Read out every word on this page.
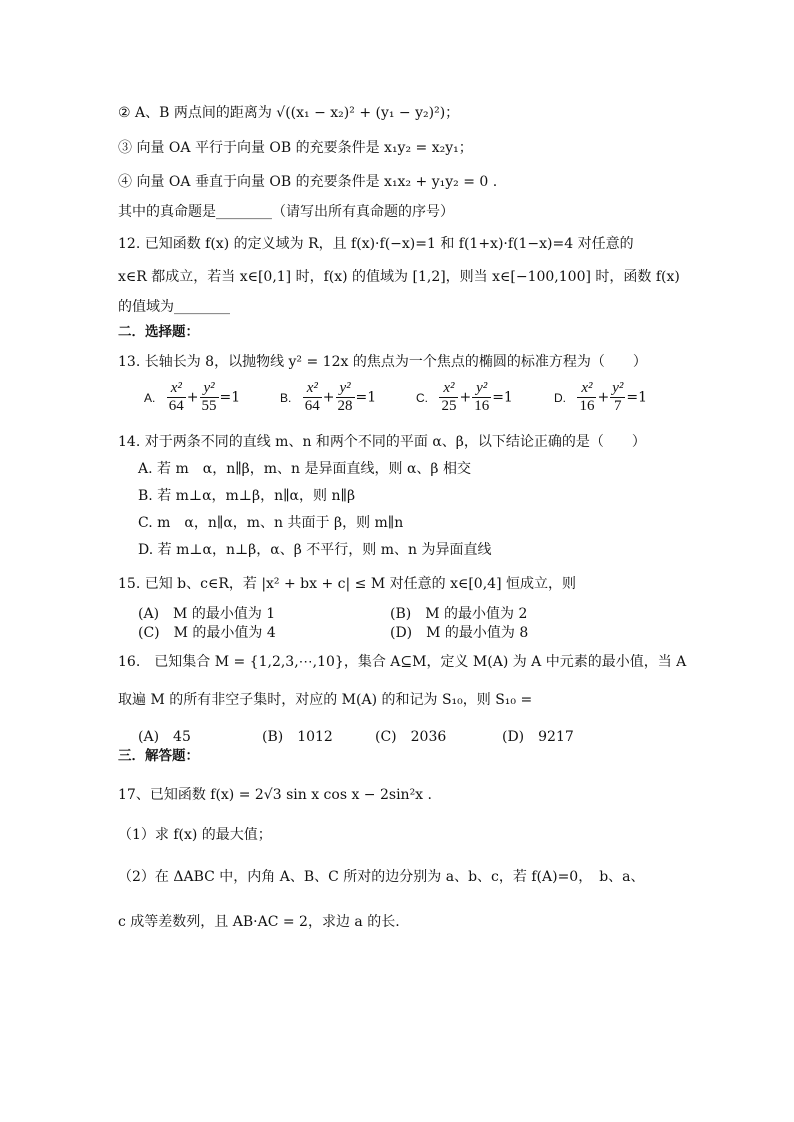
② A、B 两点间的距离为 √((x₁ − x₂)² + (y₁ − y₂)²)；
③ 向量 OA 平行于向量 OB 的充要条件是 x₁y₂ = x₂y₁；
④ 向量 OA 垂直于向量 OB 的充要条件是 x₁x₂ + y₁y₂ = 0 .
其中的真命题是________（请写出所有真命题的序号）
12. 已知函数 f(x) 的定义域为 R，且 f(x)·f(−x)=1 和 f(1+x)·f(1−x)=4 对任意的
x∈R 都成立，若当 x∈[0,1] 时，f(x) 的值域为 [1,2]，则当 x∈[−100,100] 时，函数 f(x)
的值域为________
二．选择题：
13. 长轴长为 8，以抛物线 y² = 12x 的焦点为一个焦点的椭圆的标准方程为（　　）
A. $\frac{\text{x²}}{64} + \frac{\text{y²}}{55} =1$	B. $\frac{\text{x²}}{64} + \frac{\text{y²}}{28} =1$	C. $\frac{\text{x²}}{25} + \frac{\text{y²}}{16} =1$	D. $\frac{\text{x²}}{16} + \frac{\text{y²}}{7} =1$
14. 对于两条不同的直线 m、n 和两个不同的平面 α、β，以下结论正确的是（　　）
A. 若 m　α，n∥β，m、n 是异面直线，则 α、β 相交
B. 若 m⊥α，m⊥β，n∥α，则 n∥β
C. m　α，n∥α，m、n 共面于 β，则 m∥n
D. 若 m⊥α，n⊥β，α、β 不平行，则 m、n 为异面直线
15. 已知 b、c∈R，若 |x² + bx + c| ≤ M 对任意的 x∈[0,4] 恒成立，则
(A)　M 的最小值为 1	(B)　M 的最小值为 2
(C)　M 的最小值为 4	(D)　M 的最小值为 8
16.　已知集合 M = {1,2,3,⋯,10}，集合 A⊆M，定义 M(A) 为 A 中元素的最小值，当 A
取遍 M 的所有非空子集时，对应的 M(A) 的和记为 S₁₀，则 S₁₀ =
(A)　45	(B)　1012	(C)　2036	(D)　9217
三．解答题：
17、已知函数 f(x) = 2√3 sin x cos x − 2sin²x .
（1）求 f(x) 的最大值；
（2）在 ΔABC 中，内角 A、B、C 所对的边分别为 a、b、c，若 f(A)=0，　b、a、
c 成等差数列，且 AB·AC = 2，求边 a 的长.
